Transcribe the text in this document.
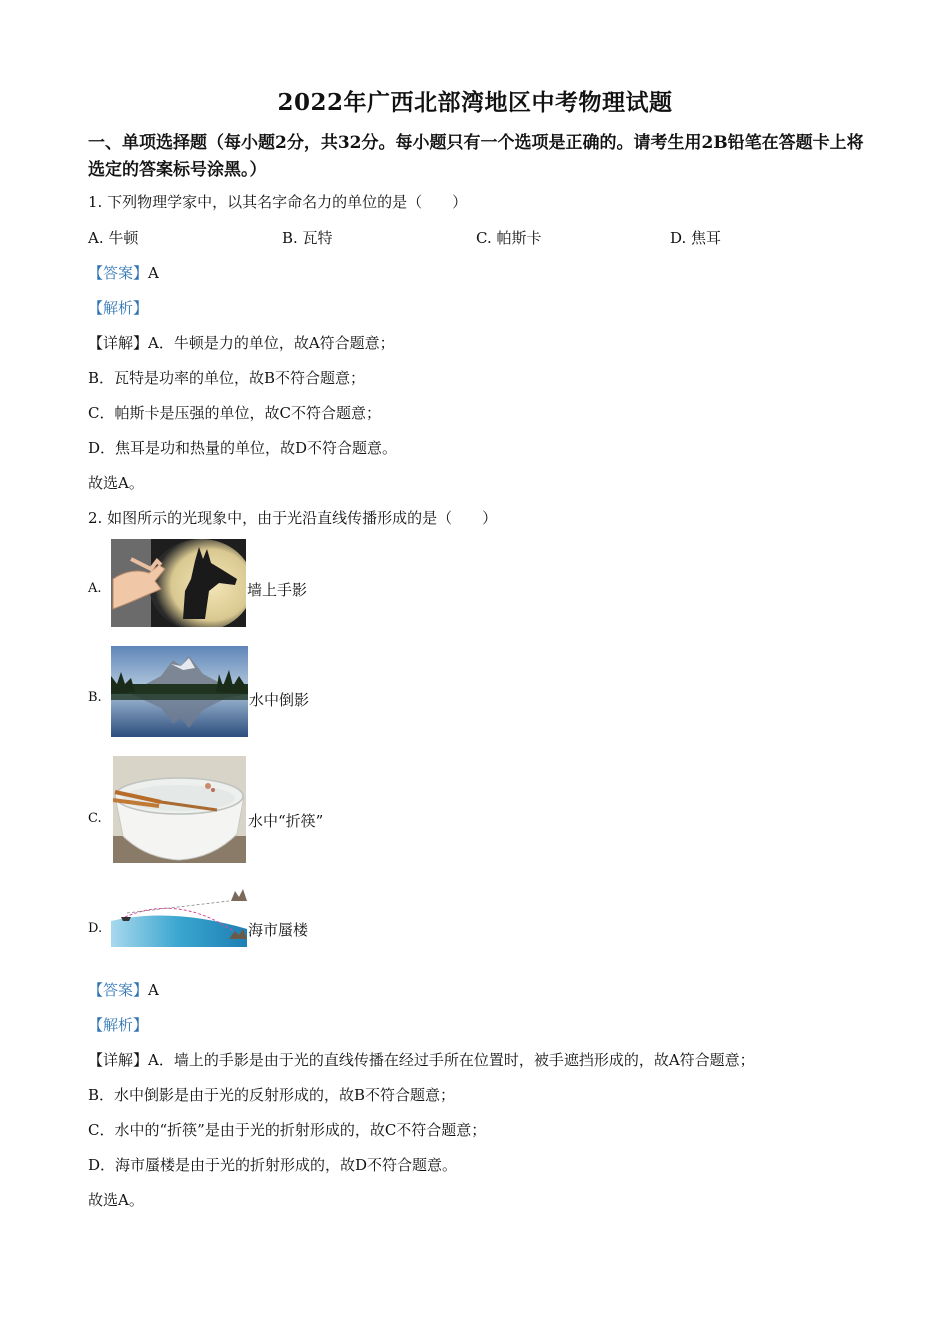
2022年广西北部湾地区中考物理试题
一、单项选择题（每小题2分，共32分。每小题只有一个选项是正确的。请考生用2B铅笔在答题卡上将选定的答案标号涂黑。）
1. 下列物理学家中，以其名字命名力的单位的是（　　）
A. 牛顿	B. 瓦特	C. 帕斯卡	D. 焦耳
【答案】A
【解析】
【详解】A．牛顿是力的单位，故A符合题意；
B．瓦特是功率的单位，故B不符合题意；
C．帕斯卡是压强的单位，故C不符合题意；
D．焦耳是功和热量的单位，故D不符合题意。
故选A。
2. 如图所示的光现象中，由于光沿直线传播形成的是（　　）
A.	墙上手影
B.	水中倒影
C.	水中“折筷”
D.	海市蜃楼
【答案】A
【解析】
【详解】A．墙上的手影是由于光的直线传播在经过手所在位置时，被手遮挡形成的，故A符合题意；
B．水中倒影是由于光的反射形成的，故B不符合题意；
C．水中的“折筷”是由于光的折射形成的，故C不符合题意；
D．海市蜃楼是由于光的折射形成的，故D不符合题意。
故选A。
